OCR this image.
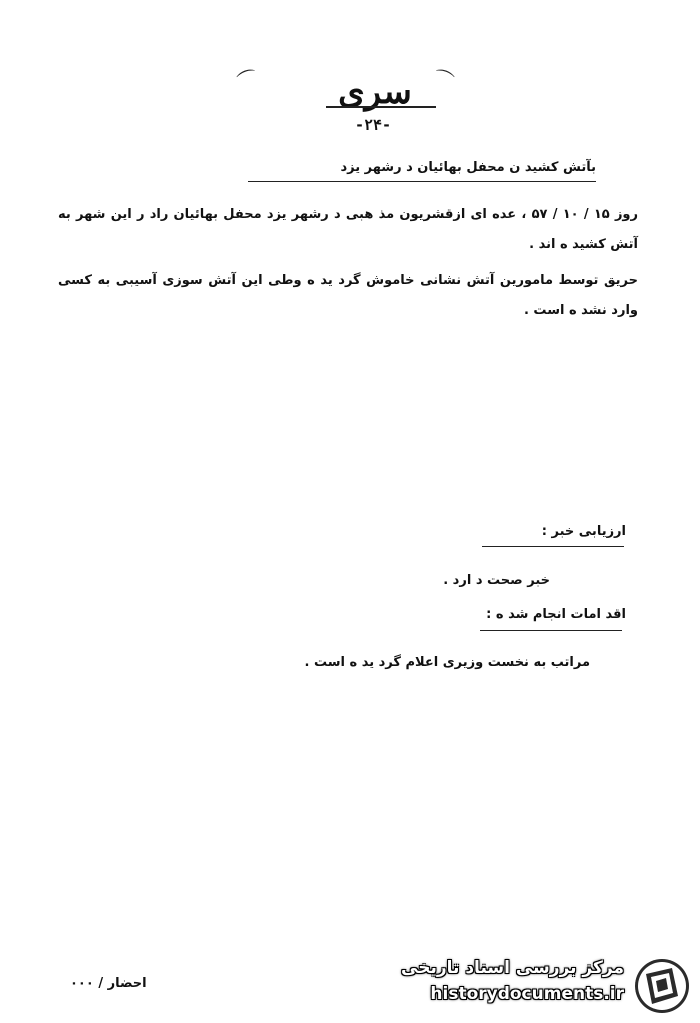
⌒	⌒
سری
-۲۴-
بآتش کشید ن محفل بهائیان د رشهر یزد
روز ۱۵ / ۱۰ / ۵۷ ، عده ای ازقشریون مذ هبی د رشهر یزد محفل بهائیان راد ر این شهر به آتش کشید ه اند .
حریق توسط مامورین آتش نشانی خاموش گرد ید ه وطی این آتش سوزی آسیبی به کسی وارد نشد ه است .
ارزیابی خبر :
خبر صحت د ارد .
اقد امات انجام شد ه :
مراتب به نخست وزیری اعلام گرد ید ه است .
احضار / ۰۰۰
مرکز بررسی اسناد تاریخی
historydocuments.ir
